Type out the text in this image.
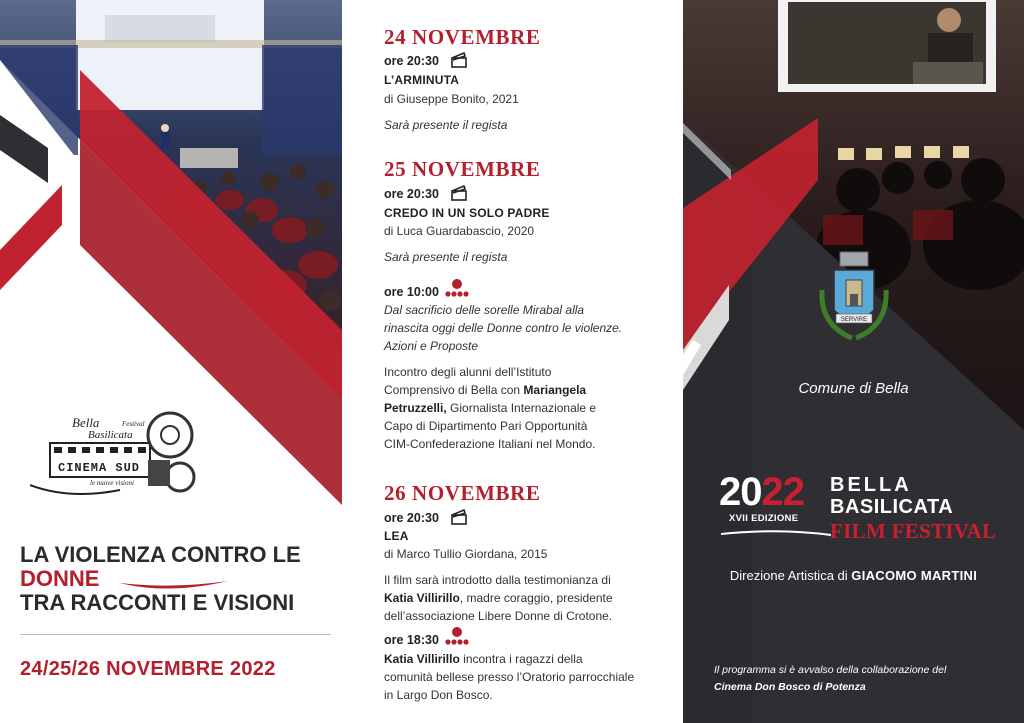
Bella
Basilicata
Festival
CINEMA SUD
le nuove visioni
LA VIOLENZA CONTRO LE
DONNE
TRA RACCONTI E VISIONI
24/25/26 NOVEMBRE 2022
24 NOVEMBRE
ore 20:30
L’ARMINUTA
di Giuseppe Bonito, 2021
Sarà presente il regista
25 NOVEMBRE
ore 20:30
CREDO IN UN SOLO PADRE
di Luca Guardabascio, 2020
Sarà presente il regista
ore 10:00
Dal sacrificio delle sorelle Mirabal alla
rinascita oggi delle Donne contro le violenze.
Azioni e Proposte
Incontro degli alunni dell’Istituto
Comprensivo di Bella con Mariangela
Petruzzelli, Giornalista Internazionale e
Capo di Dipartimento Pari Opportunità
CIM-Confederazione Italiani nel Mondo.
26 NOVEMBRE
ore 20:30
LEA
di Marco Tullio Giordana, 2015
Il film sarà introdotto dalla testimonianza di
Katia Villirillo, madre coraggio, presidente
dell’associazione Libere Donne di Crotone.
ore 18:30
Katia Villirillo incontra i ragazzi della
comunità bellese presso l’Oratorio parrocchiale
in Largo Don Bosco.
SERVIRE
Comune di Bella
2022
XVII EDIZIONE
BELLA
BASILICATA
FILM FESTIVAL
Direzione Artistica di GIACOMO MARTINI
Il programma si è avvalso della collaborazione del
Cinema Don Bosco di Potenza
